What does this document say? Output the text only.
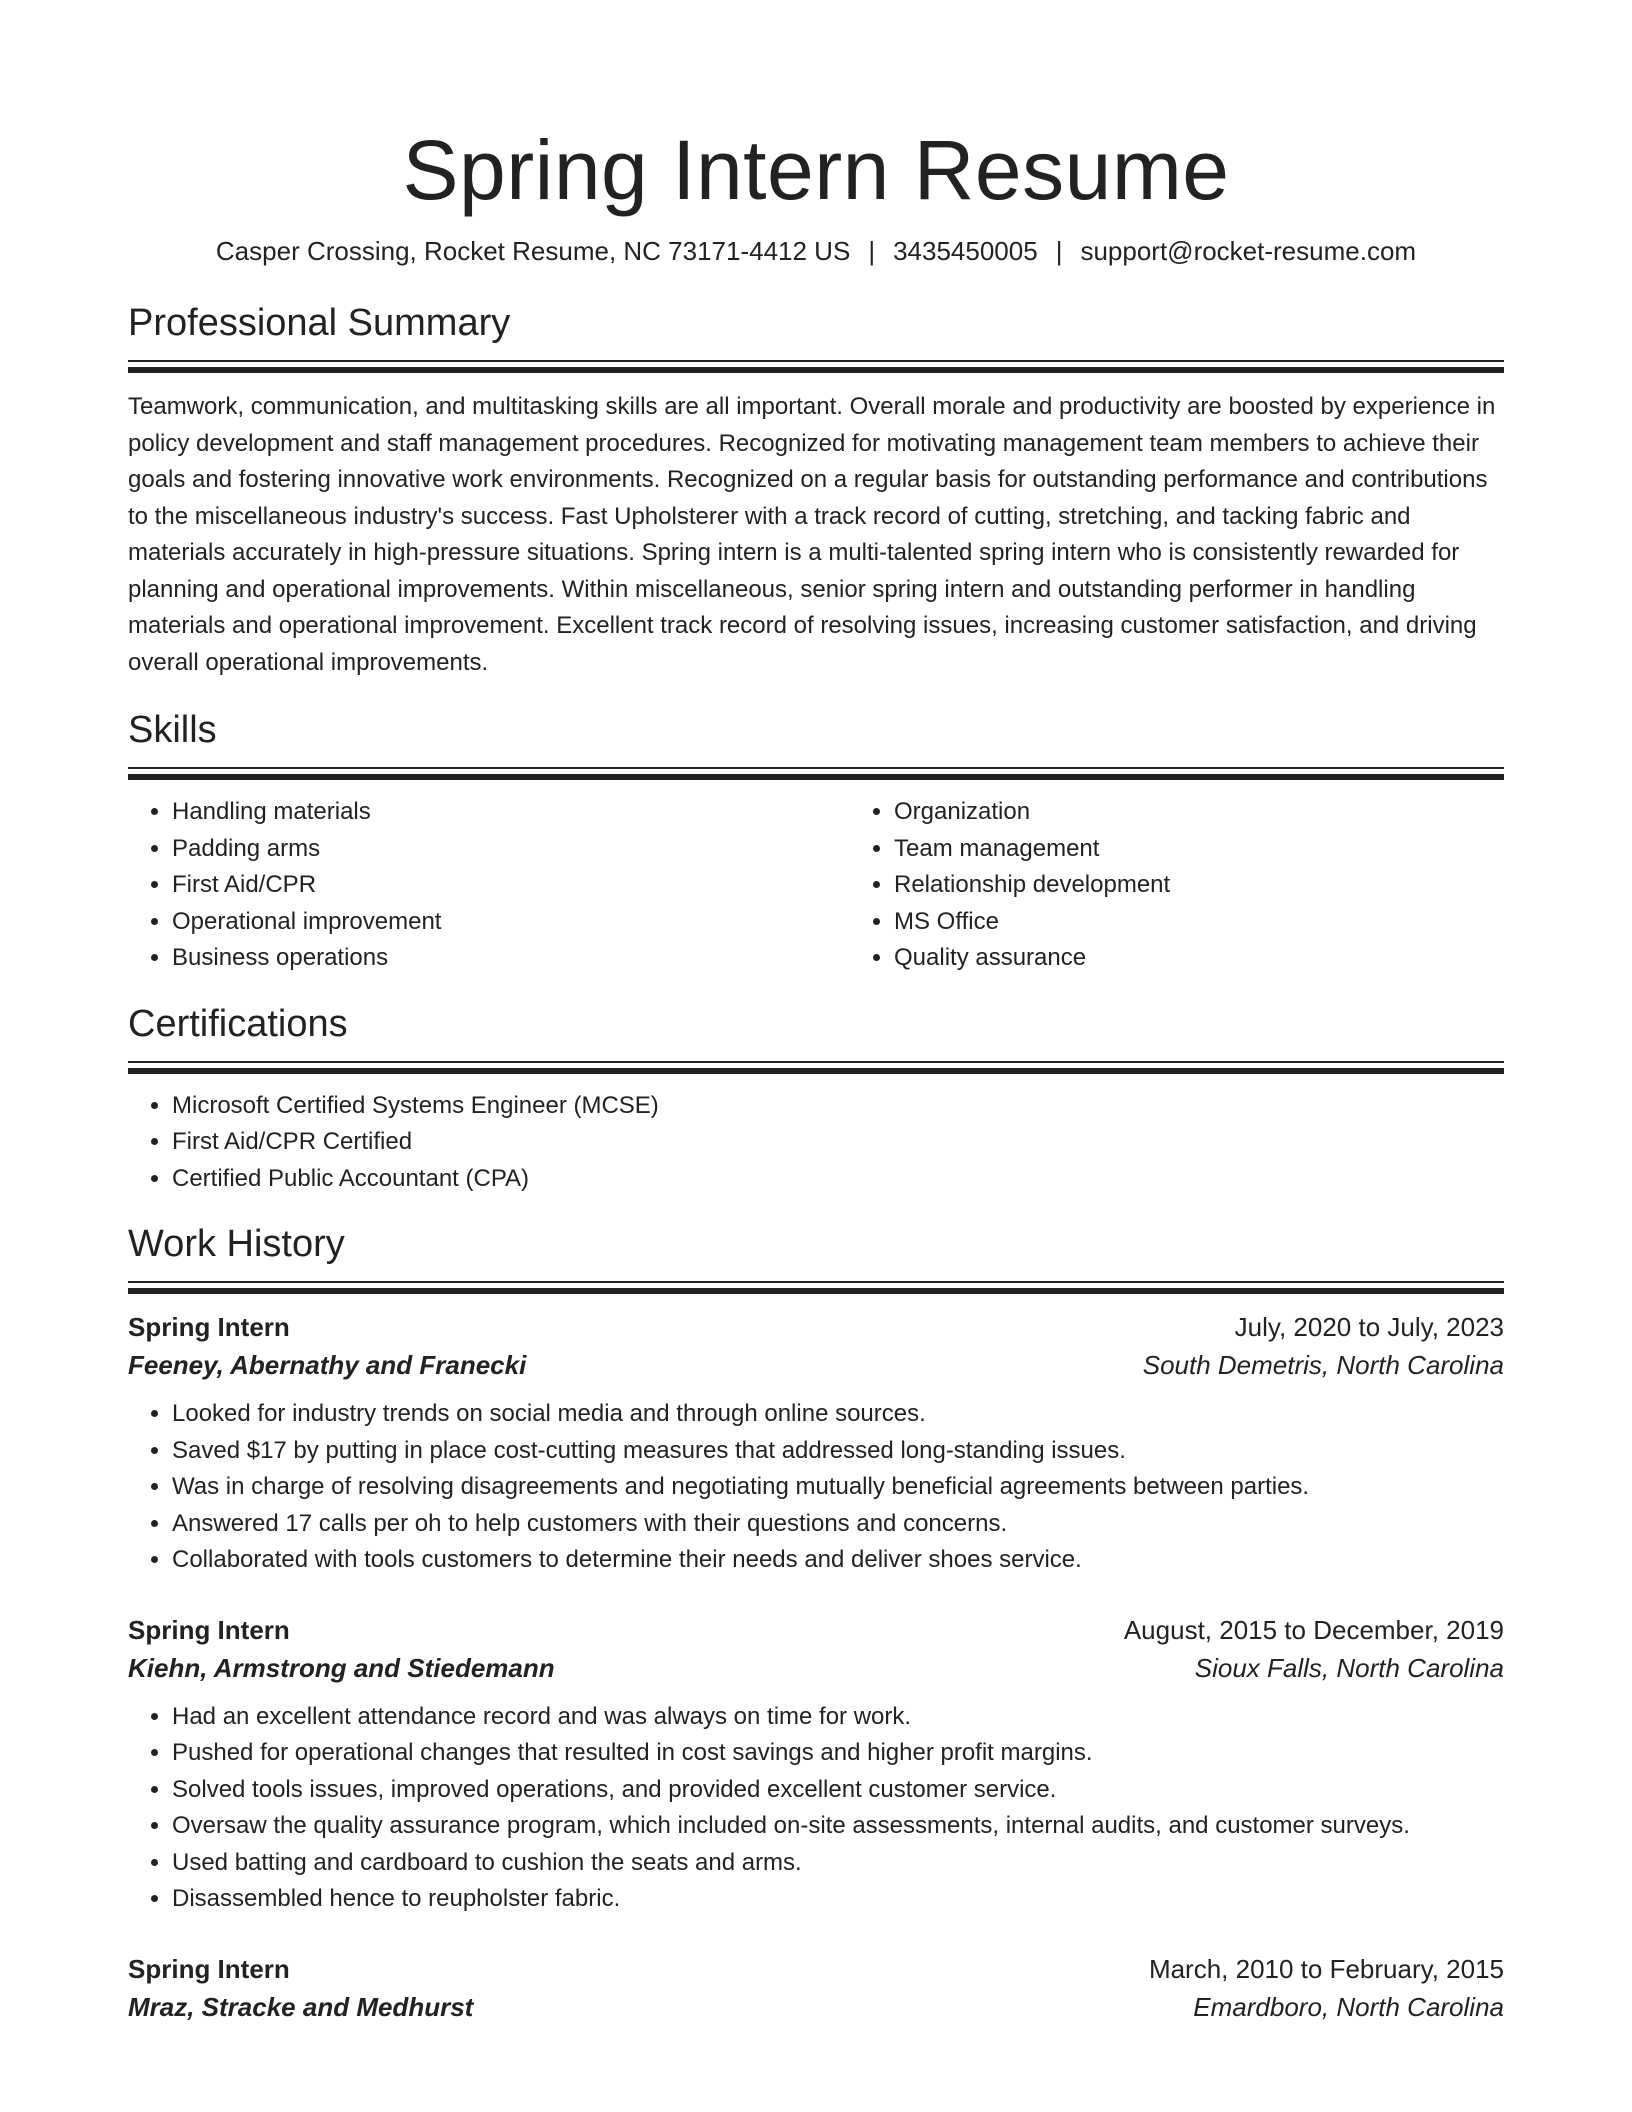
Spring Intern Resume
Casper Crossing, Rocket Resume, NC 73171-4412 US | 3435450005 | support@rocket-resume.com
Professional Summary

Teamwork, communication, and multitasking skills are all important. Overall morale and productivity are boosted by experience in policy development and staff management procedures. Recognized for motivating management team members to achieve their goals and fostering innovative work environments. Recognized on a regular basis for outstanding performance and contributions to the miscellaneous industry's success. Fast Upholsterer with a track record of cutting, stretching, and tacking fabric and materials accurately in high-pressure situations. Spring intern is a multi-talented spring intern who is consistently rewarded for planning and operational improvements. Within miscellaneous, senior spring intern and outstanding performer in handling materials and operational improvement. Excellent track record of resolving issues, increasing customer satisfaction, and driving overall operational improvements.

Skills
• Handling materials
• Padding arms
• First Aid/CPR
• Operational improvement
• Business operations
• Organization
• Team management
• Relationship development
• MS Office
• Quality assurance
Certifications
• Microsoft Certified Systems Engineer (MCSE)
• First Aid/CPR Certified
• Certified Public Accountant (CPA)
Work History
Spring Intern	July, 2020 to July, 2023
Feeney, Abernathy and Franecki	South Demetris, North Carolina
• Looked for industry trends on social media and through online sources.
• Saved $17 by putting in place cost-cutting measures that addressed long-standing issues.
• Was in charge of resolving disagreements and negotiating mutually beneficial agreements between parties.
• Answered 17 calls per oh to help customers with their questions and concerns.
• Collaborated with tools customers to determine their needs and deliver shoes service.
Spring Intern	August, 2015 to December, 2019
Kiehn, Armstrong and Stiedemann	Sioux Falls, North Carolina
• Had an excellent attendance record and was always on time for work.
• Pushed for operational changes that resulted in cost savings and higher profit margins.
• Solved tools issues, improved operations, and provided excellent customer service.
• Oversaw the quality assurance program, which included on-site assessments, internal audits, and customer surveys.
• Used batting and cardboard to cushion the seats and arms.
• Disassembled hence to reupholster fabric.
Spring Intern	March, 2010 to February, 2015
Mraz, Stracke and Medhurst	Emardboro, North Carolina
